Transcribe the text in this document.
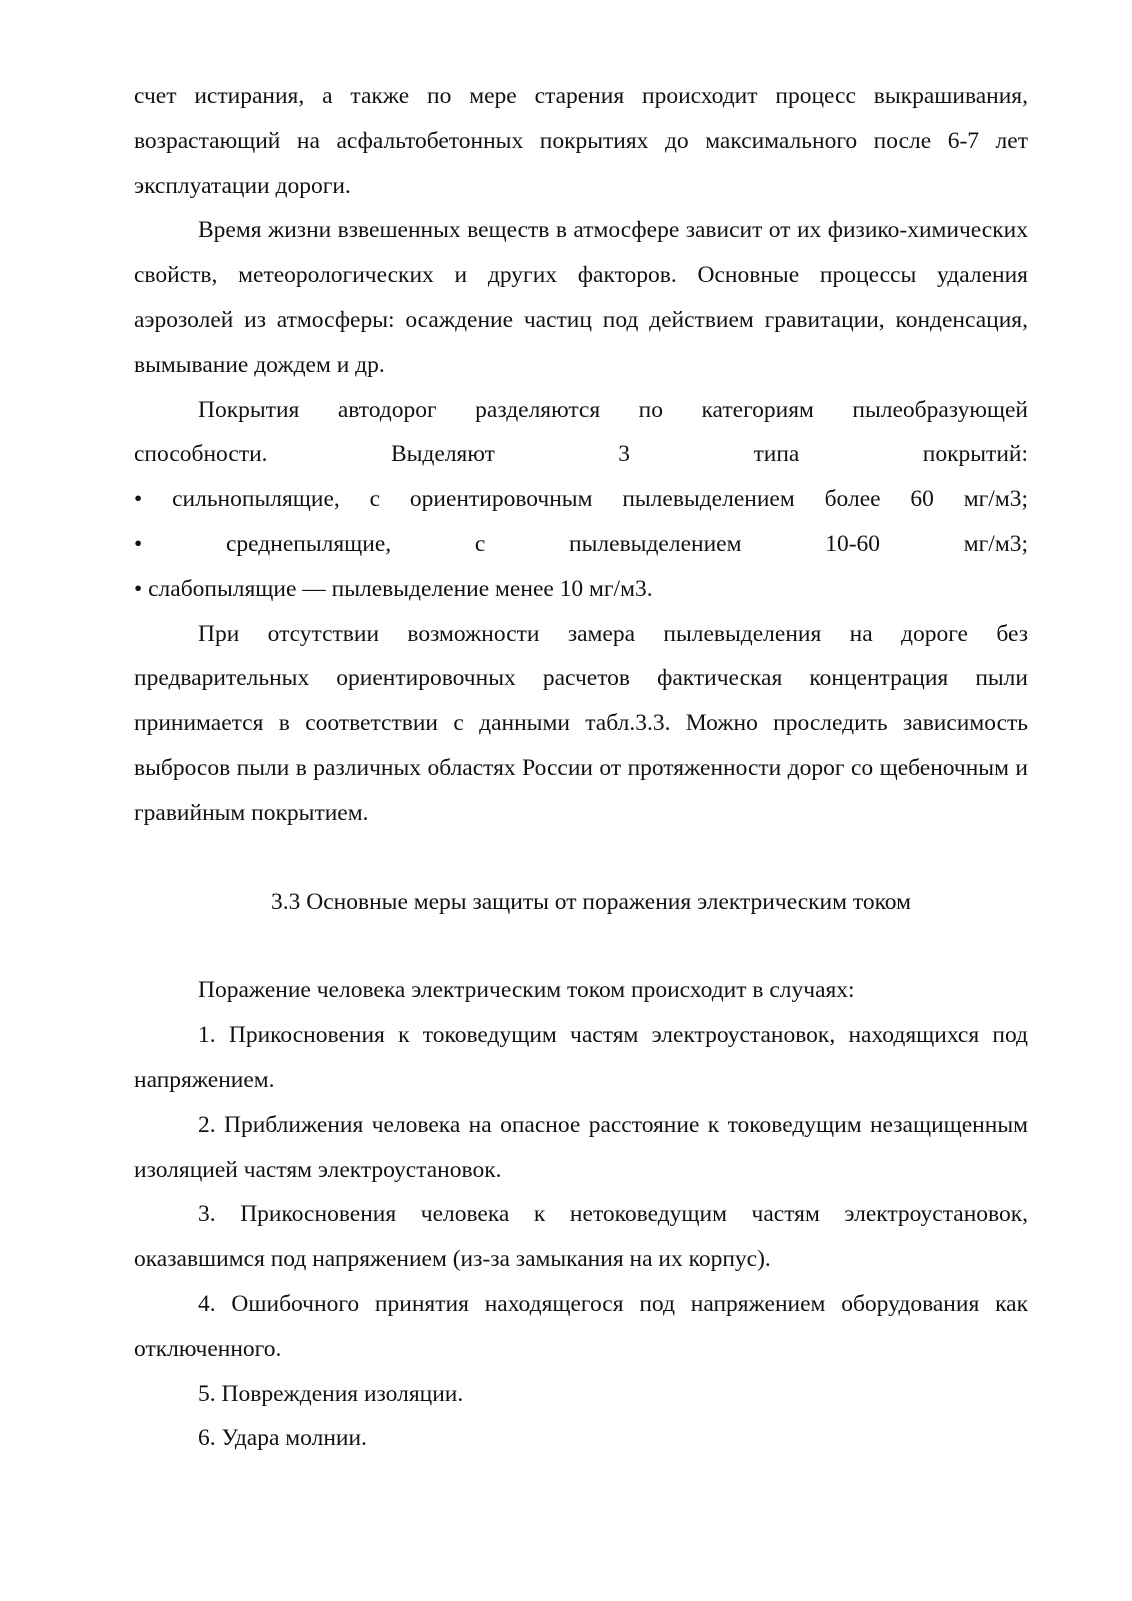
счет истирания, а также по мере старения происходит процесс выкрашивания, возрастающий на асфальтобетонных покрытиях до максимального после 6-7 лет эксплуатации дороги.

Время жизни взвешенных веществ в атмосфере зависит от их физико-химических свойств, метеорологических и других факторов. Основные процессы удаления аэрозолей из атмосферы: осаждение частиц под действием гравитации, конденсация, вымывание дождем и др.

Покрытия автодорог разделяются по категориям пылеобразующей

способности. Выделяют 3 типа покрытий:

• сильнопылящие, с ориентировочным пылевыделением более 60 мг/м3;

• среднепылящие, с пылевыделением 10-60 мг/м3;

• слабопылящие — пылевыделение менее 10 мг/м3.

При отсутствии возможности замера пылевыделения на дороге без предварительных ориентировочных расчетов фактическая концентрация пыли принимается в соответствии с данными табл.3.3. Можно проследить зависимость выбросов пыли в различных областях России от протяженности дорог со щебеночным и гравийным покрытием.

3.3 Основные меры защиты от поражения электрическим током

Поражение человека электрическим током происходит в случаях:

1. Прикосновения к токоведущим частям электроустановок, находящихся под напряжением.

2. Приближения человека на опасное расстояние к токоведущим незащищенным изоляцией частям электроустановок.

3. Прикосновения человека к нетоковедущим частям электроустановок, оказавшимся под напряжением (из-за замыкания на их корпус).

4. Ошибочного принятия находящегося под напряжением оборудования как отключенного.

5. Повреждения изоляции.

6. Удара молнии.
